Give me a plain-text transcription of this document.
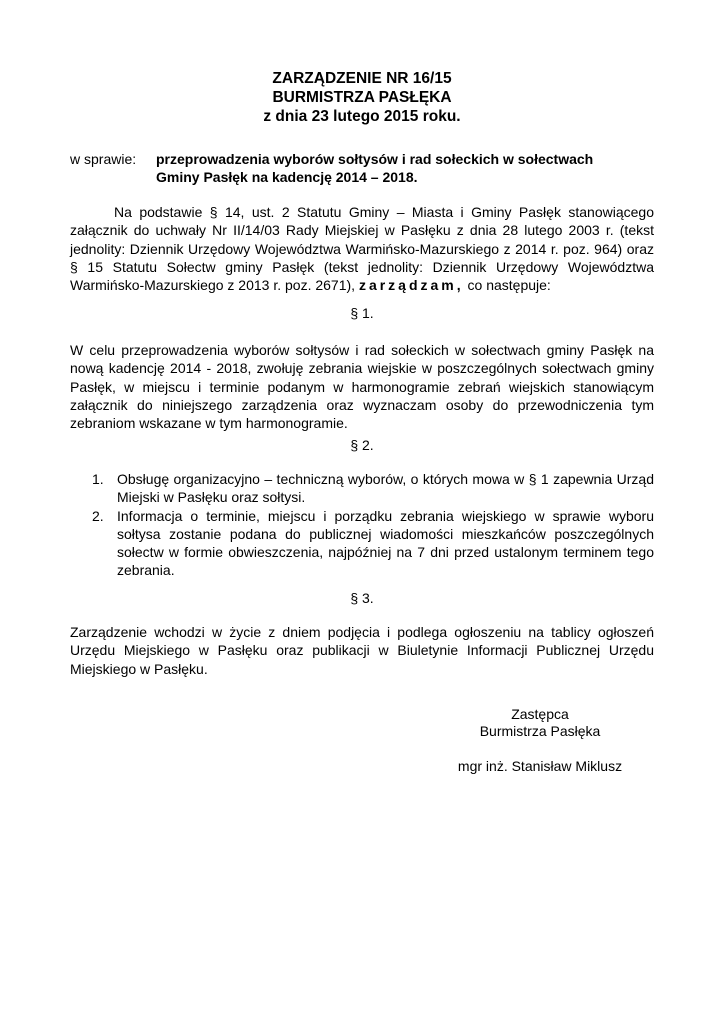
ZARZĄDZENIE NR 16/15
BURMISTRZA PASŁĘKA
z dnia 23 lutego 2015 roku.
w sprawie: przeprowadzenia wyborów sołtysów i rad sołeckich w sołectwach
Gminy Pasłęk na kadencję 2014 – 2018.
Na podstawie § 14, ust. 2 Statutu Gminy – Miasta i Gminy Pasłęk stanowiącego załącznik do uchwały Nr II/14/03 Rady Miejskiej w Pasłęku z dnia 28 lutego 2003 r. (tekst jednolity: Dziennik Urzędowy Województwa Warmińsko-Mazurskiego z 2014 r. poz. 964) oraz § 15 Statutu Sołectw gminy Pasłęk (tekst jednolity: Dziennik Urzędowy Województwa Warmińsko-Mazurskiego z 2013 r. poz. 2671), zarządzam, co następuje:
§ 1.
W celu przeprowadzenia wyborów sołtysów i rad sołeckich w sołectwach gminy Pasłęk na nową kadencję 2014 - 2018, zwołuję zebrania wiejskie w poszczególnych sołectwach gminy Pasłęk, w miejscu i terminie podanym w harmonogramie zebrań wiejskich stanowiącym załącznik do niniejszego zarządzenia oraz wyznaczam osoby do przewodniczenia tym zebraniom wskazane w tym harmonogramie.
§ 2.
1. Obsługę organizacyjno – techniczną wyborów, o których mowa w § 1 zapewnia Urząd Miejski w Pasłęku oraz sołtysi.
2. Informacja o terminie, miejscu i porządku zebrania wiejskiego w sprawie wyboru sołtysa zostanie podana do publicznej wiadomości mieszkańców poszczególnych sołectw w formie obwieszczenia, najpóźniej na 7 dni przed ustalonym terminem tego zebrania.
§ 3.
Zarządzenie wchodzi w życie z dniem podjęcia i podlega ogłoszeniu na tablicy ogłoszeń Urzędu Miejskiego w Pasłęku oraz publikacji w Biuletynie Informacji Publicznej Urzędu Miejskiego w Pasłęku.
Zastępca
Burmistrza Pasłęka
mgr inż. Stanisław Miklusz
